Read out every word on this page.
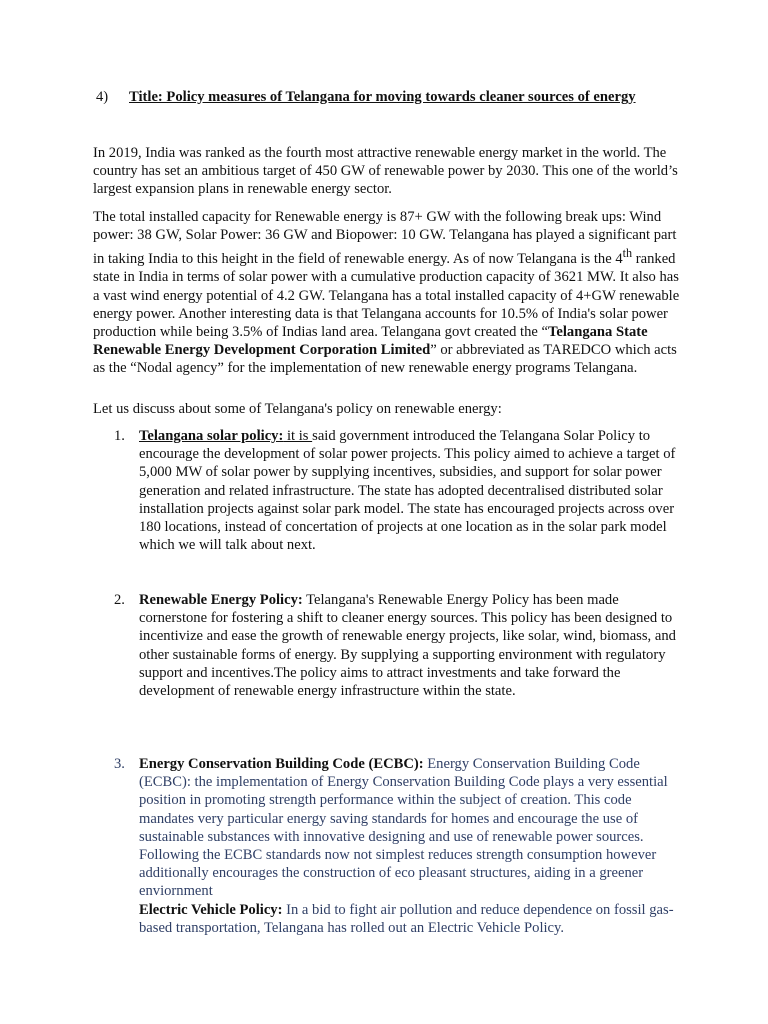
4) Title: Policy measures of Telangana for moving towards cleaner sources of energy

In 2019, India was ranked as the fourth most attractive renewable energy market in the world. The country has set an ambitious target of 450 GW of renewable power by 2030. This one of the world’s largest expansion plans in renewable energy sector.

The total installed capacity for Renewable energy is 87+ GW with the following break ups: Wind power: 38 GW, Solar Power: 36 GW and Biopower: 10 GW. Telangana has played a significant part in taking India to this height in the field of renewable energy. As of now Telangana is the 4th ranked state in India in terms of solar power with a cumulative production capacity of 3621 MW. It also has a vast wind energy potential of 4.2 GW. Telangana has a total installed capacity of 4+GW renewable energy power. Another interesting data is that Telangana accounts for 10.5% of India's solar power production while being 3.5% of Indias land area. Telangana govt created the “Telangana State Renewable Energy Development Corporation Limited” or abbreviated as TAREDCO which acts as the “Nodal agency” for the implementation of new renewable energy programs Telangana.

Let us discuss about some of Telangana's policy on renewable energy:

1. Telangana solar policy: it is said government introduced the Telangana Solar Policy to encourage the development of solar power projects. This policy aimed to achieve a target of 5,000 MW of solar power by supplying incentives, subsidies, and support for solar power generation and related infrastructure. The state has adopted decentralised distributed solar installation projects against solar park model. The state has encouraged projects across over 180 locations, instead of concertation of projects at one location as in the solar park model which we will talk about next.
2. Renewable Energy Policy: Telangana's Renewable Energy Policy has been made cornerstone for fostering a shift to cleaner energy sources. This policy has been designed to incentivize and ease the growth of renewable energy projects, like solar, wind, biomass, and other sustainable forms of energy. By supplying a supporting environment with regulatory support and incentives.The policy aims to attract investments and take forward the development of renewable energy infrastructure within the state.
3. Energy Conservation Building Code (ECBC): Energy Conservation Building Code (ECBC): the implementation of Energy Conservation Building Code plays a very essential position in promoting strength performance within the subject of creation. This code mandates very particular energy saving standards for homes and encourage the use of sustainable substances with innovative designing and use of renewable power sources. Following the ECBC standards now not simplest reduces strength consumption however additionally encourages the construction of eco pleasant structures, aiding in a greener enviornment
Electric Vehicle Policy: In a bid to fight air pollution and reduce dependence on fossil gas-based transportation, Telangana has rolled out an Electric Vehicle Policy.
